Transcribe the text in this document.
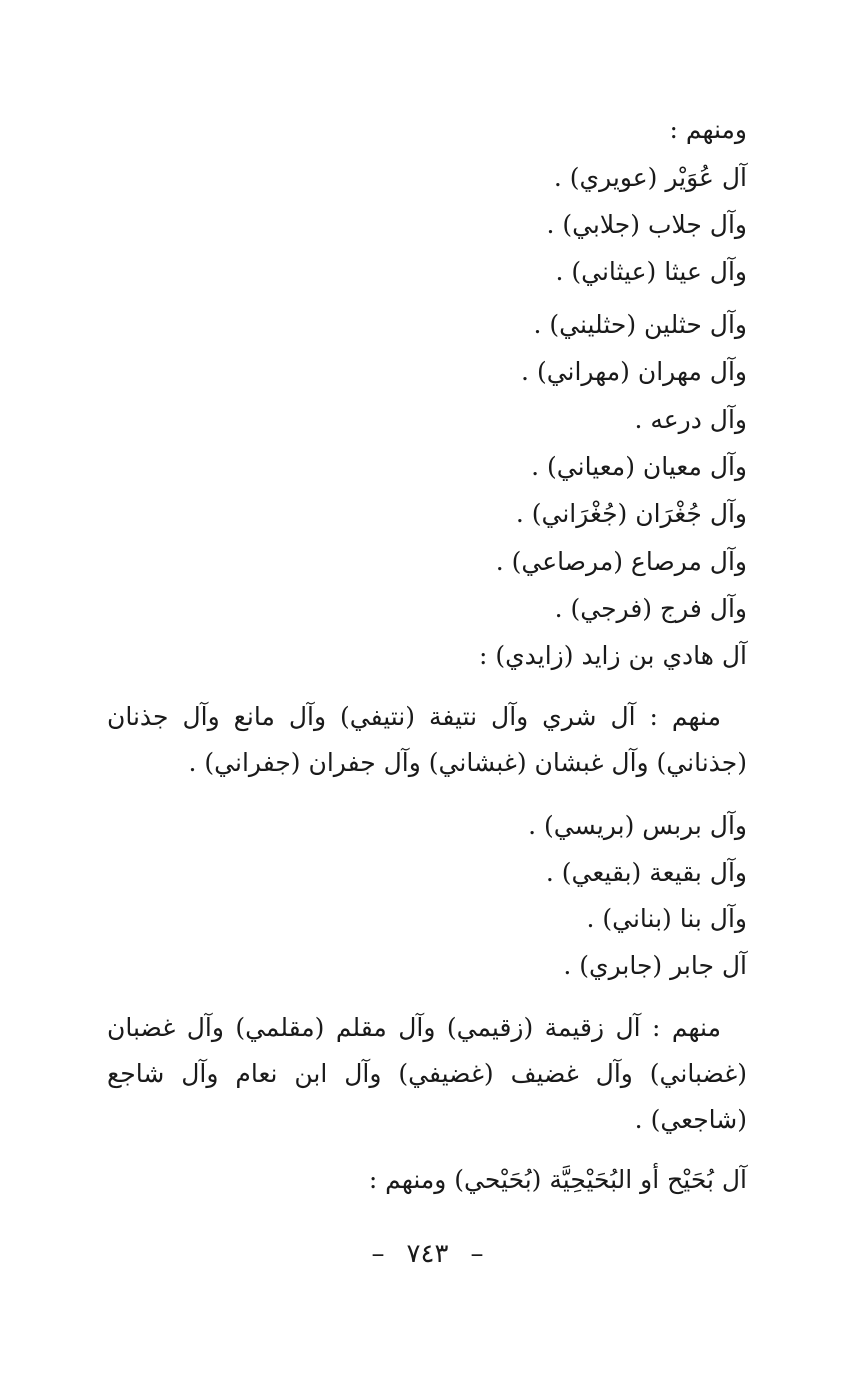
ومنهم :
آل عُوَيْر (عويري) .
وآل جلاب (جلابي) .
وآل عيثا (عيثاني) .
وآل حثلين (حثليني) .
وآل مهران (مهراني) .
وآل درعه .
وآل معيان (معياني) .
وآل جُغْرَان (جُغْرَاني) .
وآل مرصاع (مرصاعي) .
وآل فرج (فرجي) .
آل هادي بن زايد (زايدي) :
منهم : آل شري وآل نتيفة (نتيفي) وآل مانع وآل جذنان (جذناني) وآل غبشان (غبشاني) وآل جفران (جفراني) .
وآل بربس (بريسي) .
وآل بقيعة (بقيعي) .
وآل بنا (بناني) .
آل جابر (جابري) .
منهم : آل زقيمة (زقيمي) وآل مقلم (مقلمي) وآل غضبان (غضباني) وآل غضيف (غضيفي) وآل ابن نعام وآل شاجع (شاجعي) .
آل بُحَيْح أو البُحَيْحِيَّة (بُحَيْحي) ومنهم :
–٧٤٣–
